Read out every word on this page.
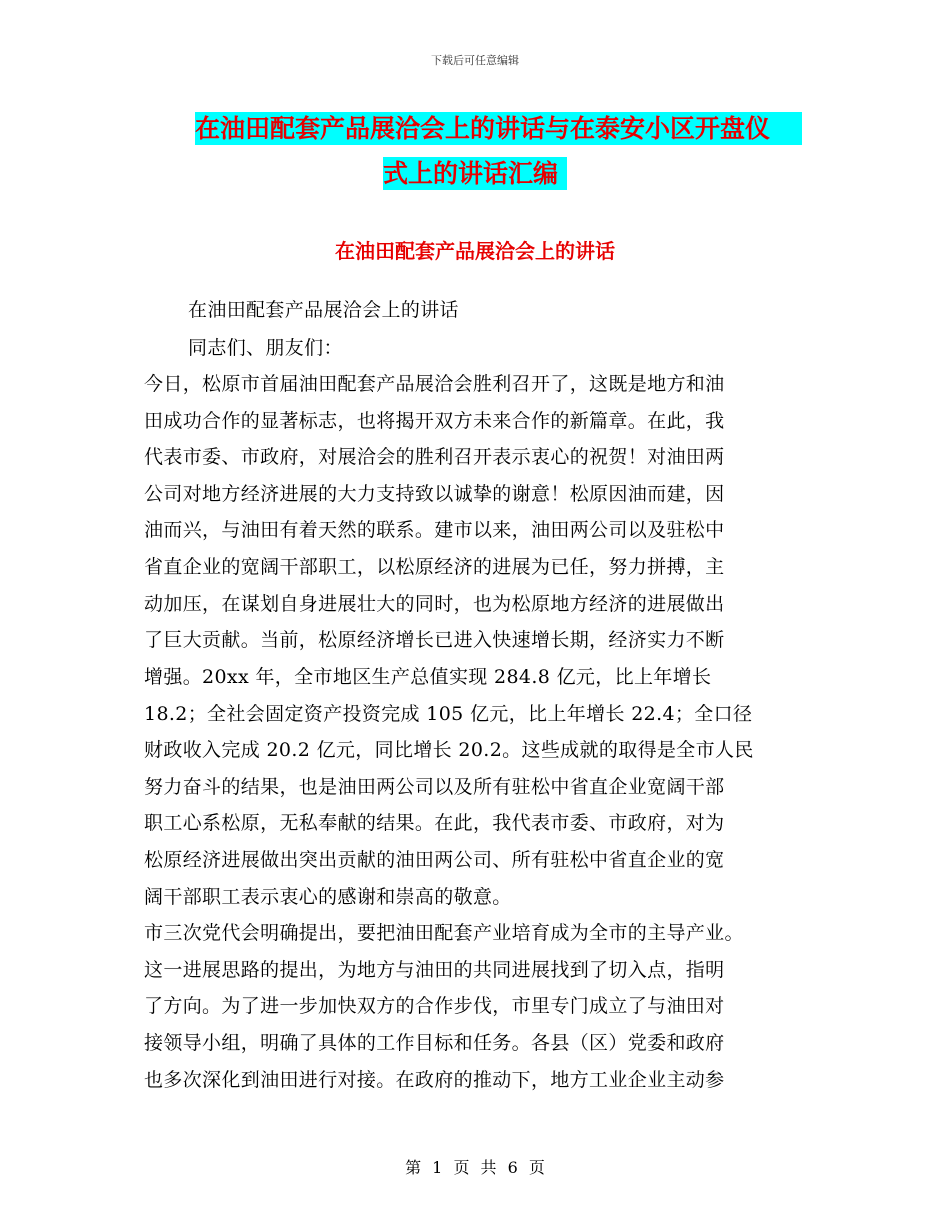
下载后可任意编辑
在油田配套产品展洽会上的讲话与在泰安小区开盘仪
式上的讲话汇编
在油田配套产品展洽会上的讲话
在油田配套产品展洽会上的讲话
同志们、朋友们：
今日，松原市首届油田配套产品展洽会胜利召开了，这既是地方和油
田成功合作的显著标志，也将揭开双方未来合作的新篇章。在此，我
代表市委、市政府，对展洽会的胜利召开表示衷心的祝贺！对油田两
公司对地方经济进展的大力支持致以诚挚的谢意！松原因油而建，因
油而兴，与油田有着天然的联系。建市以来，油田两公司以及驻松中
省直企业的宽阔干部职工，以松原经济的进展为已任，努力拼搏，主
动加压，在谋划自身进展壮大的同时，也为松原地方经济的进展做出
了巨大贡献。当前，松原经济增长已进入快速增长期，经济实力不断
增强。20xx 年，全市地区生产总值实现 284.8 亿元，比上年增长
18.2；全社会固定资产投资完成 105 亿元，比上年增长 22.4；全口径
财政收入完成 20.2 亿元，同比增长 20.2。这些成就的取得是全市人民
努力奋斗的结果，也是油田两公司以及所有驻松中省直企业宽阔干部
职工心系松原，无私奉献的结果。在此，我代表市委、市政府，对为
松原经济进展做出突出贡献的油田两公司、所有驻松中省直企业的宽
阔干部职工表示衷心的感谢和崇高的敬意。
市三次党代会明确提出，要把油田配套产业培育成为全市的主导产业。
这一进展思路的提出，为地方与油田的共同进展找到了切入点，指明
了方向。为了进一步加快双方的合作步伐，市里专门成立了与油田对
接领导小组，明确了具体的工作目标和任务。各县（区）党委和政府
也多次深化到油田进行对接。在政府的推动下，地方工业企业主动参
第 1 页 共 6 页
